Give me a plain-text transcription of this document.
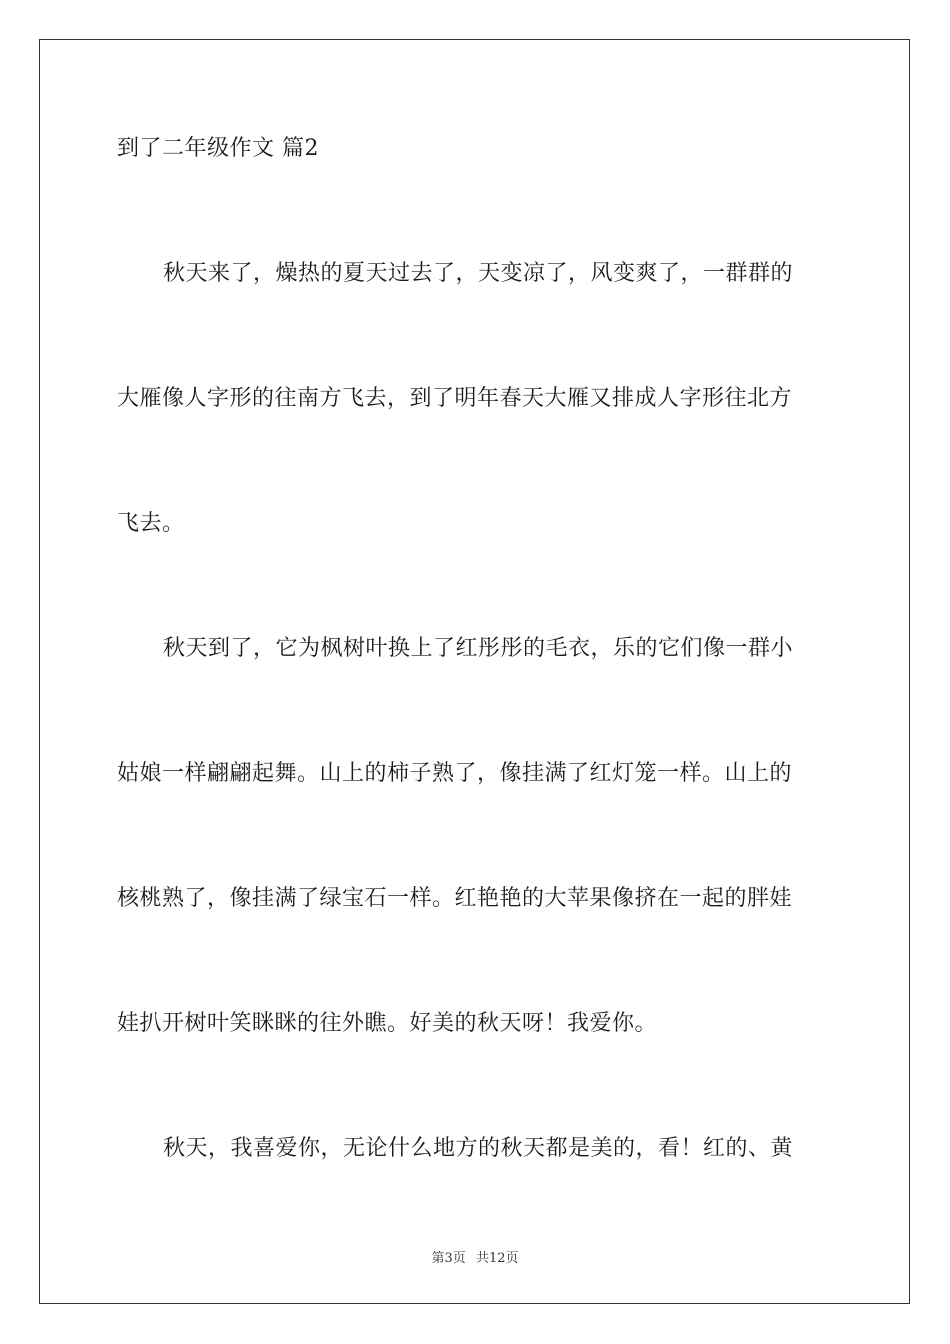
到了二年级作文 篇2
秋天来了，燥热的夏天过去了，天变凉了，风变爽了，一群群的
大雁像人字形的往南方飞去，到了明年春天大雁又排成人字形往北方
飞去。
秋天到了，它为枫树叶换上了红彤彤的毛衣，乐的它们像一群小
姑娘一样翩翩起舞。山上的柿子熟了，像挂满了红灯笼一样。山上的
核桃熟了，像挂满了绿宝石一样。红艳艳的大苹果像挤在一起的胖娃
娃扒开树叶笑眯眯的往外瞧。好美的秋天呀！我爱你。
秋天，我喜爱你，无论什么地方的秋天都是美的，看！红的、黄
第3页 共12页
